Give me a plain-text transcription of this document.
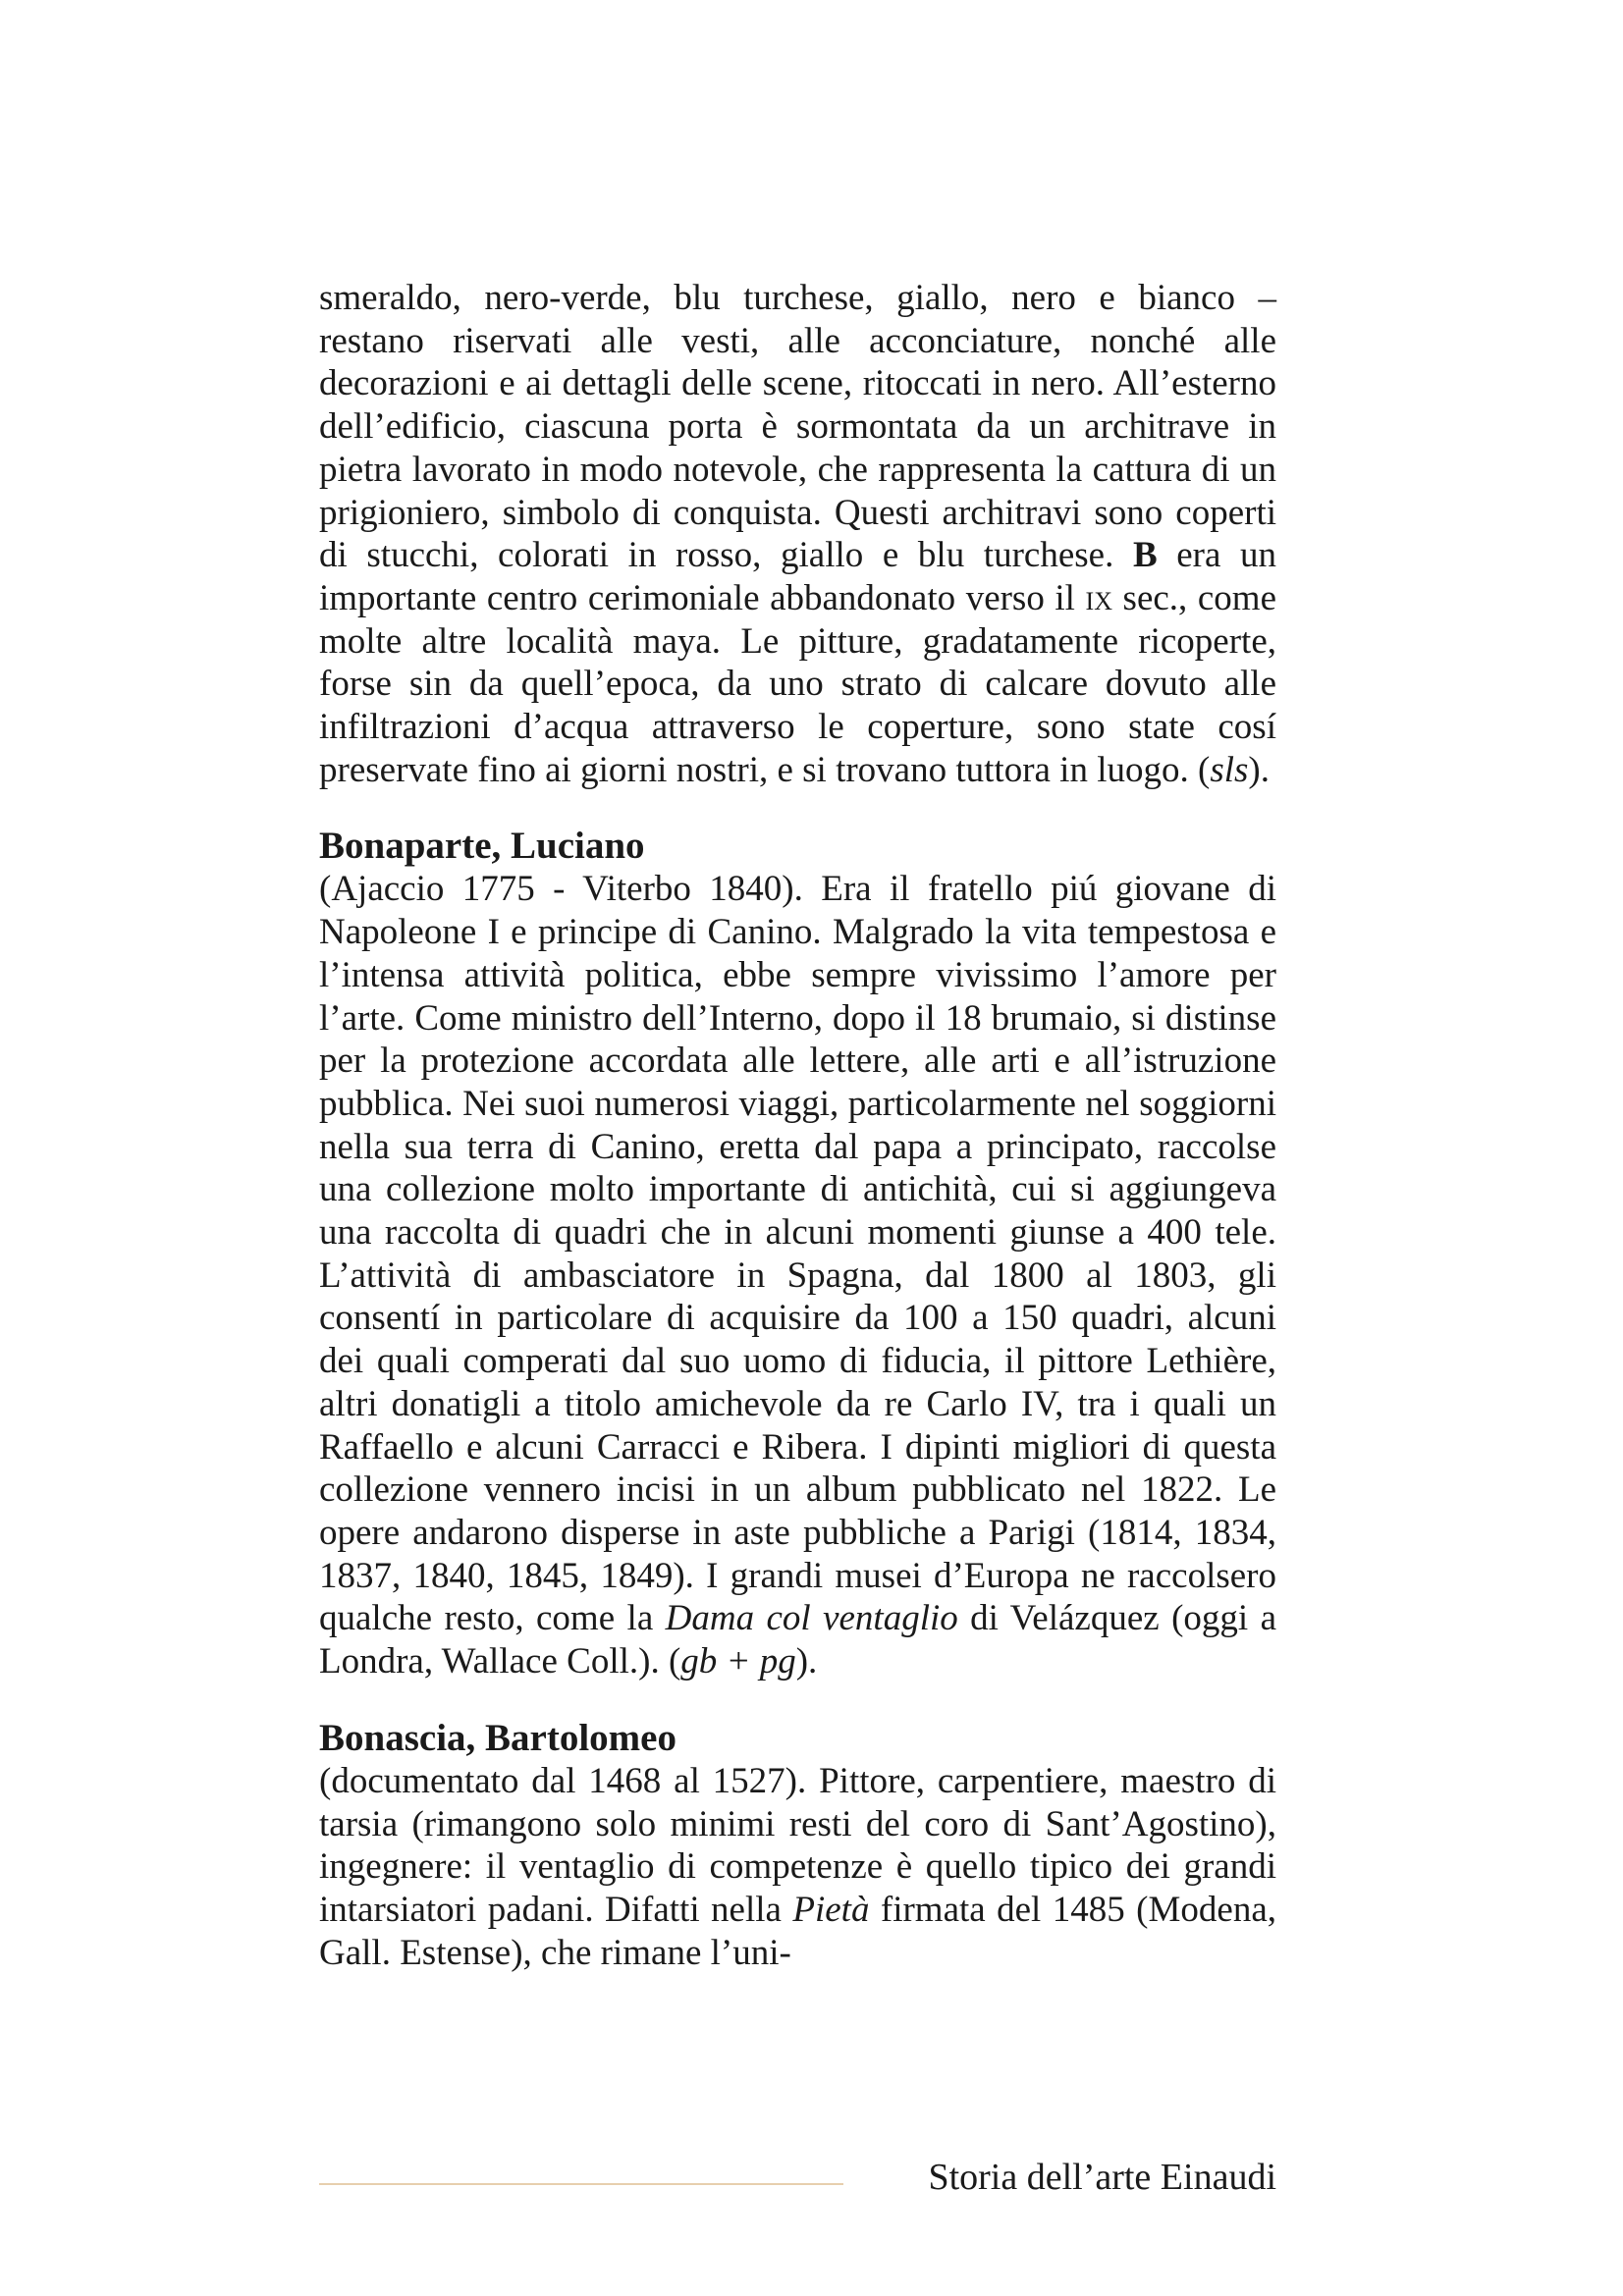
smeraldo, nero-verde, blu turchese, giallo, nero e bianco – restano riservati alle vesti, alle acconciature, nonché alle decorazioni e ai dettagli delle scene, ritoccati in nero. All’esterno dell’edificio, ciascuna porta è sormontata da un architrave in pietra lavorato in modo notevole, che rappresenta la cattura di un prigioniero, simbolo di conquista. Questi architravi sono coperti di stucchi, colorati in rosso, giallo e blu turchese. B era un importante centro cerimoniale abbandonato verso il ix sec., come molte altre località maya. Le pitture, gradatamente ricoperte, forse sin da quell’epoca, da uno strato di calcare dovuto alle infiltrazioni d’acqua attraverso le coperture, sono state cosí preservate fino ai giorni nostri, e si trovano tuttora in luogo. (sls).

Bonaparte, Luciano

(Ajaccio 1775 - Viterbo 1840). Era il fratello piú giovane di Napoleone I e principe di Canino. Malgrado la vita tempestosa e l’intensa attività politica, ebbe sempre vivissimo l’amore per l’arte. Come ministro dell’Interno, dopo il 18 brumaio, si distinse per la protezione accordata alle lettere, alle arti e all’istruzione pubblica. Nei suoi numerosi viaggi, particolarmente nel soggiorni nella sua terra di Canino, eretta dal papa a principato, raccolse una collezione molto importante di antichità, cui si aggiungeva una raccolta di quadri che in alcuni momenti giunse a 400 tele. L’attività di ambasciatore in Spagna, dal 1800 al 1803, gli consentí in particolare di acquisire da 100 a 150 quadri, alcuni dei quali comperati dal suo uomo di fiducia, il pittore Lethière, altri donatigli a titolo amichevole da re Carlo IV, tra i quali un Raffaello e alcuni Carracci e Ribera. I dipinti migliori di questa collezione vennero incisi in un album pubblicato nel 1822. Le opere andarono disperse in aste pubbliche a Parigi (1814, 1834, 1837, 1840, 1845, 1849). I grandi musei d’Europa ne raccolsero qualche resto, come la Dama col ventaglio di Velázquez (oggi a Londra, Wallace Coll.). (gb + pg).

Bonascia, Bartolomeo

(documentato dal 1468 al 1527). Pittore, carpentiere, maestro di tarsia (rimangono solo minimi resti del coro di Sant’Agostino), ingegnere: il ventaglio di competenze è quello tipico dei grandi intarsiatori padani. Difatti nella Pietà firmata del 1485 (Modena, Gall. Estense), che rimane l’uni-

Storia dell’arte Einaudi
